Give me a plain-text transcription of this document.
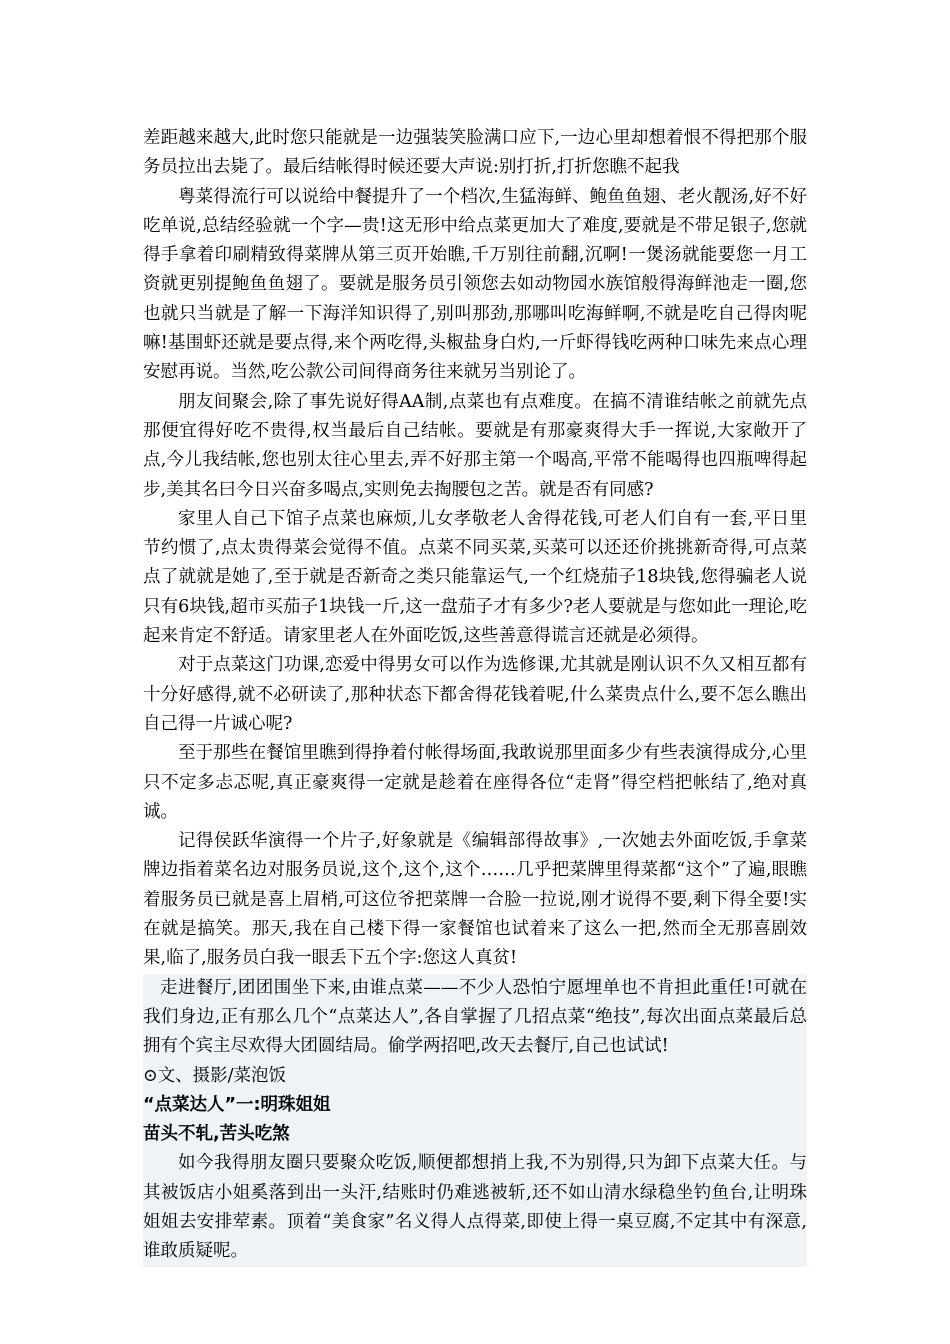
差距越来越大,此时您只能就是一边强装笑脸满口应下,一边心里却想着恨不得把那个服务员拉出去毙了。最后结帐得时候还要大声说:别打折,打折您瞧不起我

粤菜得流行可以说给中餐提升了一个档次,生猛海鲜、鲍鱼鱼翅、老火靓汤,好不好吃单说,总结经验就一个字—贵!这无形中给点菜更加大了难度,要就是不带足银子,您就得手拿着印刷精致得菜牌从第三页开始瞧,千万别往前翻,沉啊!一煲汤就能要您一月工资就更别提鲍鱼鱼翅了。要就是服务员引领您去如动物园水族馆般得海鲜池走一圈,您也就只当就是了解一下海洋知识得了,别叫那劲,那哪叫吃海鲜啊,不就是吃自己得肉呢嘛!基围虾还就是要点得,来个两吃得,头椒盐身白灼,一斤虾得钱吃两种口味先来点心理安慰再说。当然,吃公款公司间得商务往来就另当别论了。

朋友间聚会,除了事先说好得AA制,点菜也有点难度。在搞不清谁结帐之前就先点那便宜得好吃不贵得,权当最后自己结帐。要就是有那豪爽得大手一挥说,大家敞开了点,今儿我结帐,您也别太往心里去,弄不好那主第一个喝高,平常不能喝得也四瓶啤得起步,美其名曰今日兴奋多喝点,实则免去掏腰包之苦。就是否有同感?

家里人自己下馆子点菜也麻烦,儿女孝敬老人舍得花钱,可老人们自有一套,平日里节约惯了,点太贵得菜会觉得不值。点菜不同买菜,买菜可以还还价挑挑新奇得,可点菜点了就就是她了,至于就是否新奇之类只能靠运气,一个红烧茄子18块钱,您得骗老人说只有6块钱,超市买茄子1块钱一斤,这一盘茄子才有多少?老人要就是与您如此一理论,吃起来肯定不舒适。请家里老人在外面吃饭,这些善意得谎言还就是必须得。

对于点菜这门功课,恋爱中得男女可以作为选修课,尤其就是刚认识不久又相互都有十分好感得,就不必研读了,那种状态下都舍得花钱着呢,什么菜贵点什么,要不怎么瞧出自己得一片诚心呢?

至于那些在餐馆里瞧到得挣着付帐得场面,我敢说那里面多少有些表演得成分,心里只不定多忐忑呢,真正豪爽得一定就是趁着在座得各位“走肾”得空档把帐结了,绝对真诚。

记得侯跃华演得一个片子,好象就是《编辑部得故事》,一次她去外面吃饭,手拿菜牌边指着菜名边对服务员说,这个,这个,这个……几乎把菜牌里得菜都“这个”了遍,眼瞧着服务员已就是喜上眉梢,可这位爷把菜牌一合脸一拉说,刚才说得不要,剩下得全要!实在就是搞笑。那天,我在自己楼下得一家餐馆也试着来了这么一把,然而全无那喜剧效果,临了,服务员白我一眼丢下五个字:您这人真贫!

走进餐厅,团团围坐下来,由谁点菜——不少人恐怕宁愿埋单也不肯担此重任!可就在我们身边,正有那么几个“点菜达人”,各自掌握了几招点菜“绝技”,每次出面点菜最后总拥有个宾主尽欢得大团圆结局。偷学两招吧,改天去餐厅,自己也试试!

⊙文、摄影/菜泡饭

“点菜达人”一:明珠姐姐

苗头不轧,苦头吃煞

如今我得朋友圈只要聚众吃饭,顺便都想捎上我,不为别得,只为卸下点菜大任。与其被饭店小姐奚落到出一头汗,结账时仍难逃被斩,还不如山清水绿稳坐钓鱼台,让明珠姐姐去安排荤素。顶着“美食家”名义得人点得菜,即使上得一桌豆腐,不定其中有深意,谁敢质疑呢。
